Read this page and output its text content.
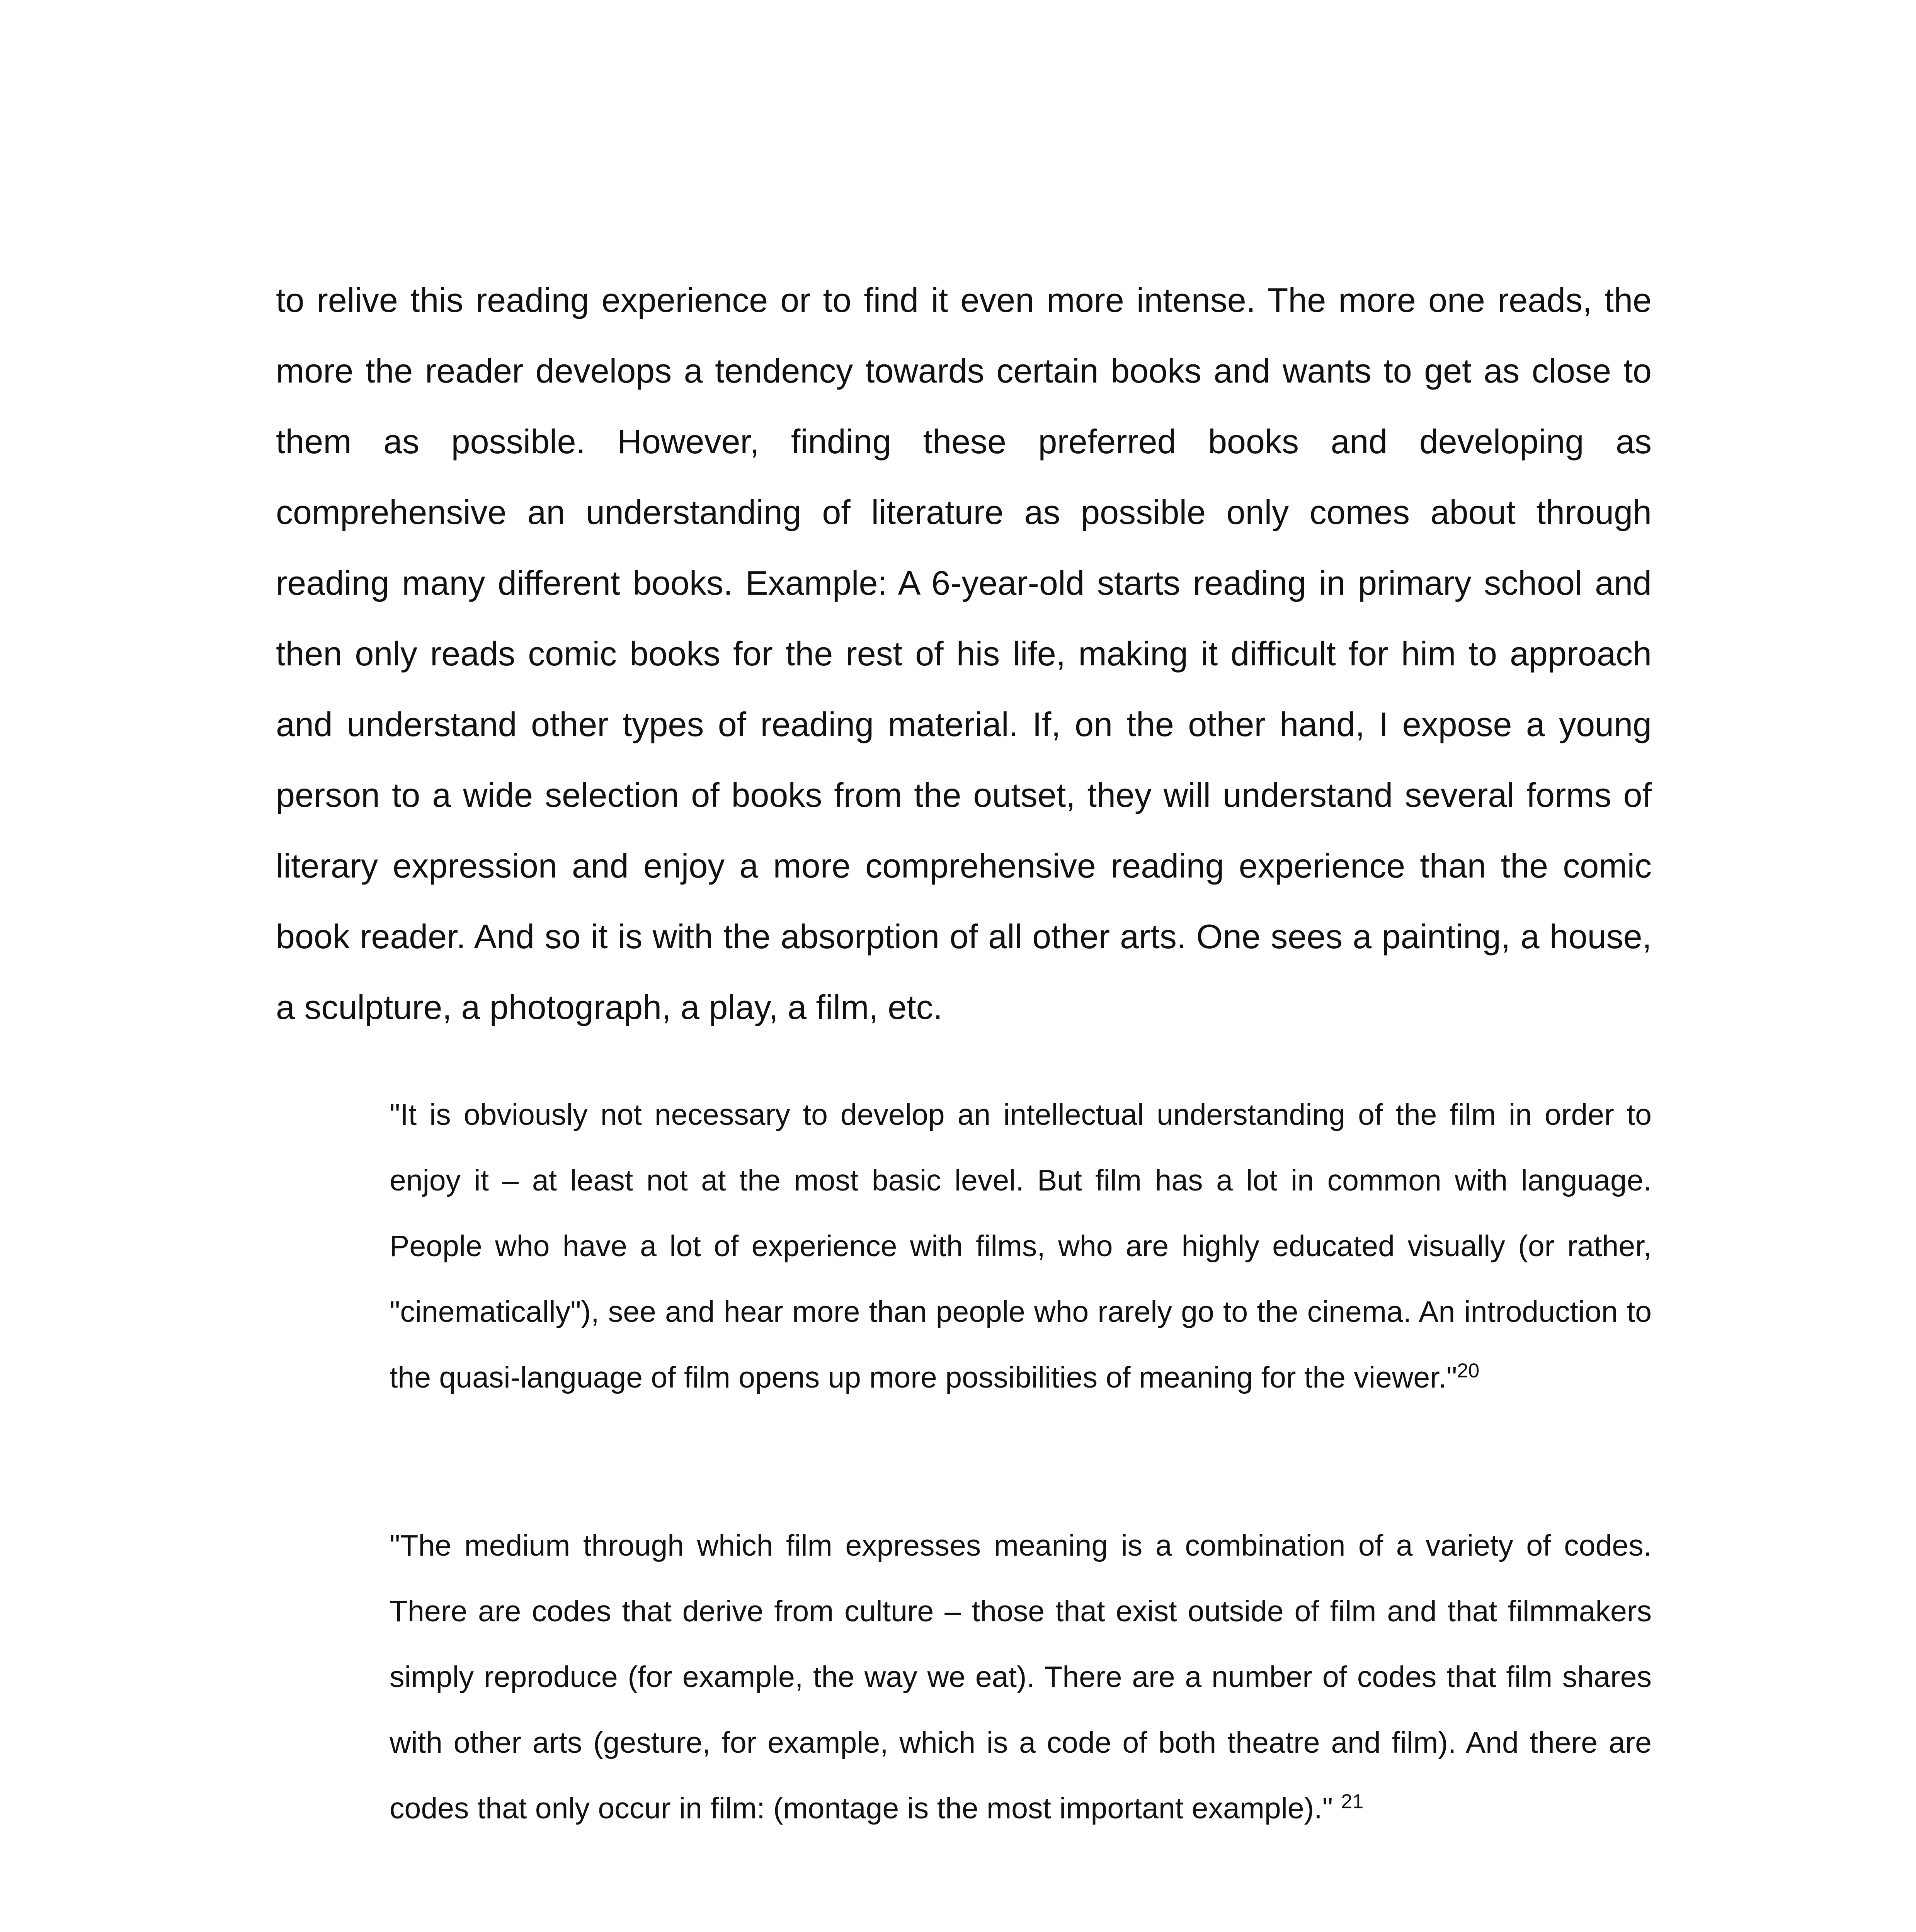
to relive this reading experience or to find it even more intense. The more one reads, the more the reader develops a tendency towards certain books and wants to get as close to them as possible. However, finding these preferred books and developing as comprehensive an understanding of literature as possible only comes about through reading many different books. Example: A 6-year-old starts reading in primary school and then only reads comic books for the rest of his life, making it difficult for him to approach and understand other types of reading material. If, on the other hand, I expose a young person to a wide selection of books from the outset, they will understand several forms of literary expression and enjoy a more comprehensive reading experience than the comic book reader. And so it is with the absorption of all other arts. One sees a painting, a house, a sculpture, a photograph, a play, a film, etc.

"It is obviously not necessary to develop an intellectual understanding of the film in order to enjoy it – at least not at the most basic level. But film has a lot in common with language. People who have a lot of experience with films, who are highly educated visually (or rather, "cinematically"), see and hear more than people who rarely go to the cinema. An introduction to the quasi-language of film opens up more possibilities of meaning for the viewer."$^{20}$

"The medium through which film expresses meaning is a combination of a variety of codes. There are codes that derive from culture – those that exist outside of film and that filmmakers simply reproduce (for example, the way we eat). There are a number of codes that film shares with other arts (gesture, for example, which is a code of both theatre and film). And there are codes that only occur in film: (montage is the most important example)." $^{21}$
